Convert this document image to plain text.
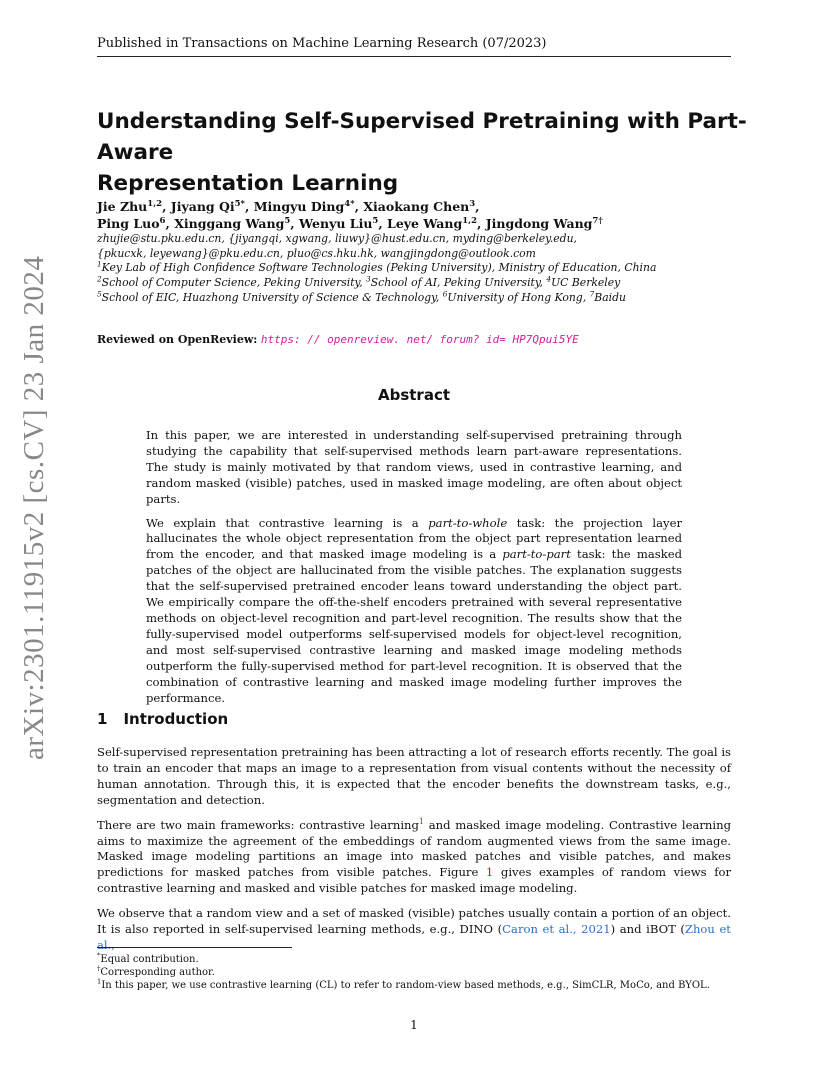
Published in Transactions on Machine Learning Research (07/2023)
Understanding Self-Supervised Pretraining with Part-Aware
Representation Learning
Jie Zhu$^{1,2}$, Jiyang $Qi^{5*}$, Mingyu Ding$^{4*}$, Xiaokang Chen$^3$,
Ping Luo$^6$, Xinggang Wang$^5$, Wenyu Liu$^5$, Leye Wang$^{1,2}$, Jingdong Wang$^{7\dagger}$
zhujie@stu.pku.edu.cn, {jiyangqi, xgwang, liuwy}@hust.edu.cn, myding@berkeley.edu,
{pkucxk, leyewang}@pku.edu.cn, pluo@cs.hku.hk, wangjingdong@outlook.com
$^1$Key Lab of High Confidence Software Technologies (Peking University), Ministry of Education, China
$^2$School of Computer Science, Peking University, $^3$School of AI, Peking University, $^4$UC Berkeley
$^5$School of EIC, Huazhong University of Science & Technology, $^6$University of Hong Kong, $^7$Baidu
Reviewed on OpenReview: https: // openreview. net/ forum? id= HP7Qpui5YE
Abstract

In this paper, we are interested in understanding self-supervised pretraining through studying the capability that self-supervised methods learn part-aware representations. The study is mainly motivated by that random views, used in contrastive learning, and random masked (visible) patches, used in masked image modeling, are often about object parts.

We explain that contrastive learning is a part-to-whole task: the projection layer hallucinates the whole object representation from the object part representation learned from the encoder, and that masked image modeling is a part-to-part task: the masked patches of the object are hallucinated from the visible patches. The explanation suggests that the self-supervised pretrained encoder leans toward understanding the object part. We empirically compare the off-the-shelf encoders pretrained with several representative methods on object-level recognition and part-level recognition. The results show that the fully-supervised model outperforms self-supervised models for object-level recognition, and most self-supervised contrastive learning and masked image modeling methods outperform the fully-supervised method for part-level recognition. It is observed that the combination of contrastive learning and masked image modeling further improves the performance.

1 Introduction

Self-supervised representation pretraining has been attracting a lot of research efforts recently. The goal is to train an encoder that maps an image to a representation from visual contents without the necessity of human annotation. Through this, it is expected that the encoder benefits the downstream tasks, e.g., segmentation and detection.

There are two main frameworks: contrastive learning$^1$ and masked image modeling. Contrastive learning aims to maximize the agreement of the embeddings of random augmented views from the same image. Masked image modeling partitions an image into masked patches and visible patches, and makes predictions for masked patches from visible patches. Figure 1 gives examples of random views for contrastive learning and masked and visible patches for masked image modeling.

We observe that a random view and a set of masked (visible) patches usually contain a portion of an object. It is also reported in self-supervised learning methods, e.g., DINO (Caron et al., 2021) and iBOT (Zhou et al.,

*Equal contribution.
†Corresponding author.
$^1$In this paper, we use contrastive learning (CL) to refer to random-view based methods, e.g., SimCLR, MoCo, and BYOL.
1
arXiv:2301.11915v2 [cs.CV] 23 Jan 2024
